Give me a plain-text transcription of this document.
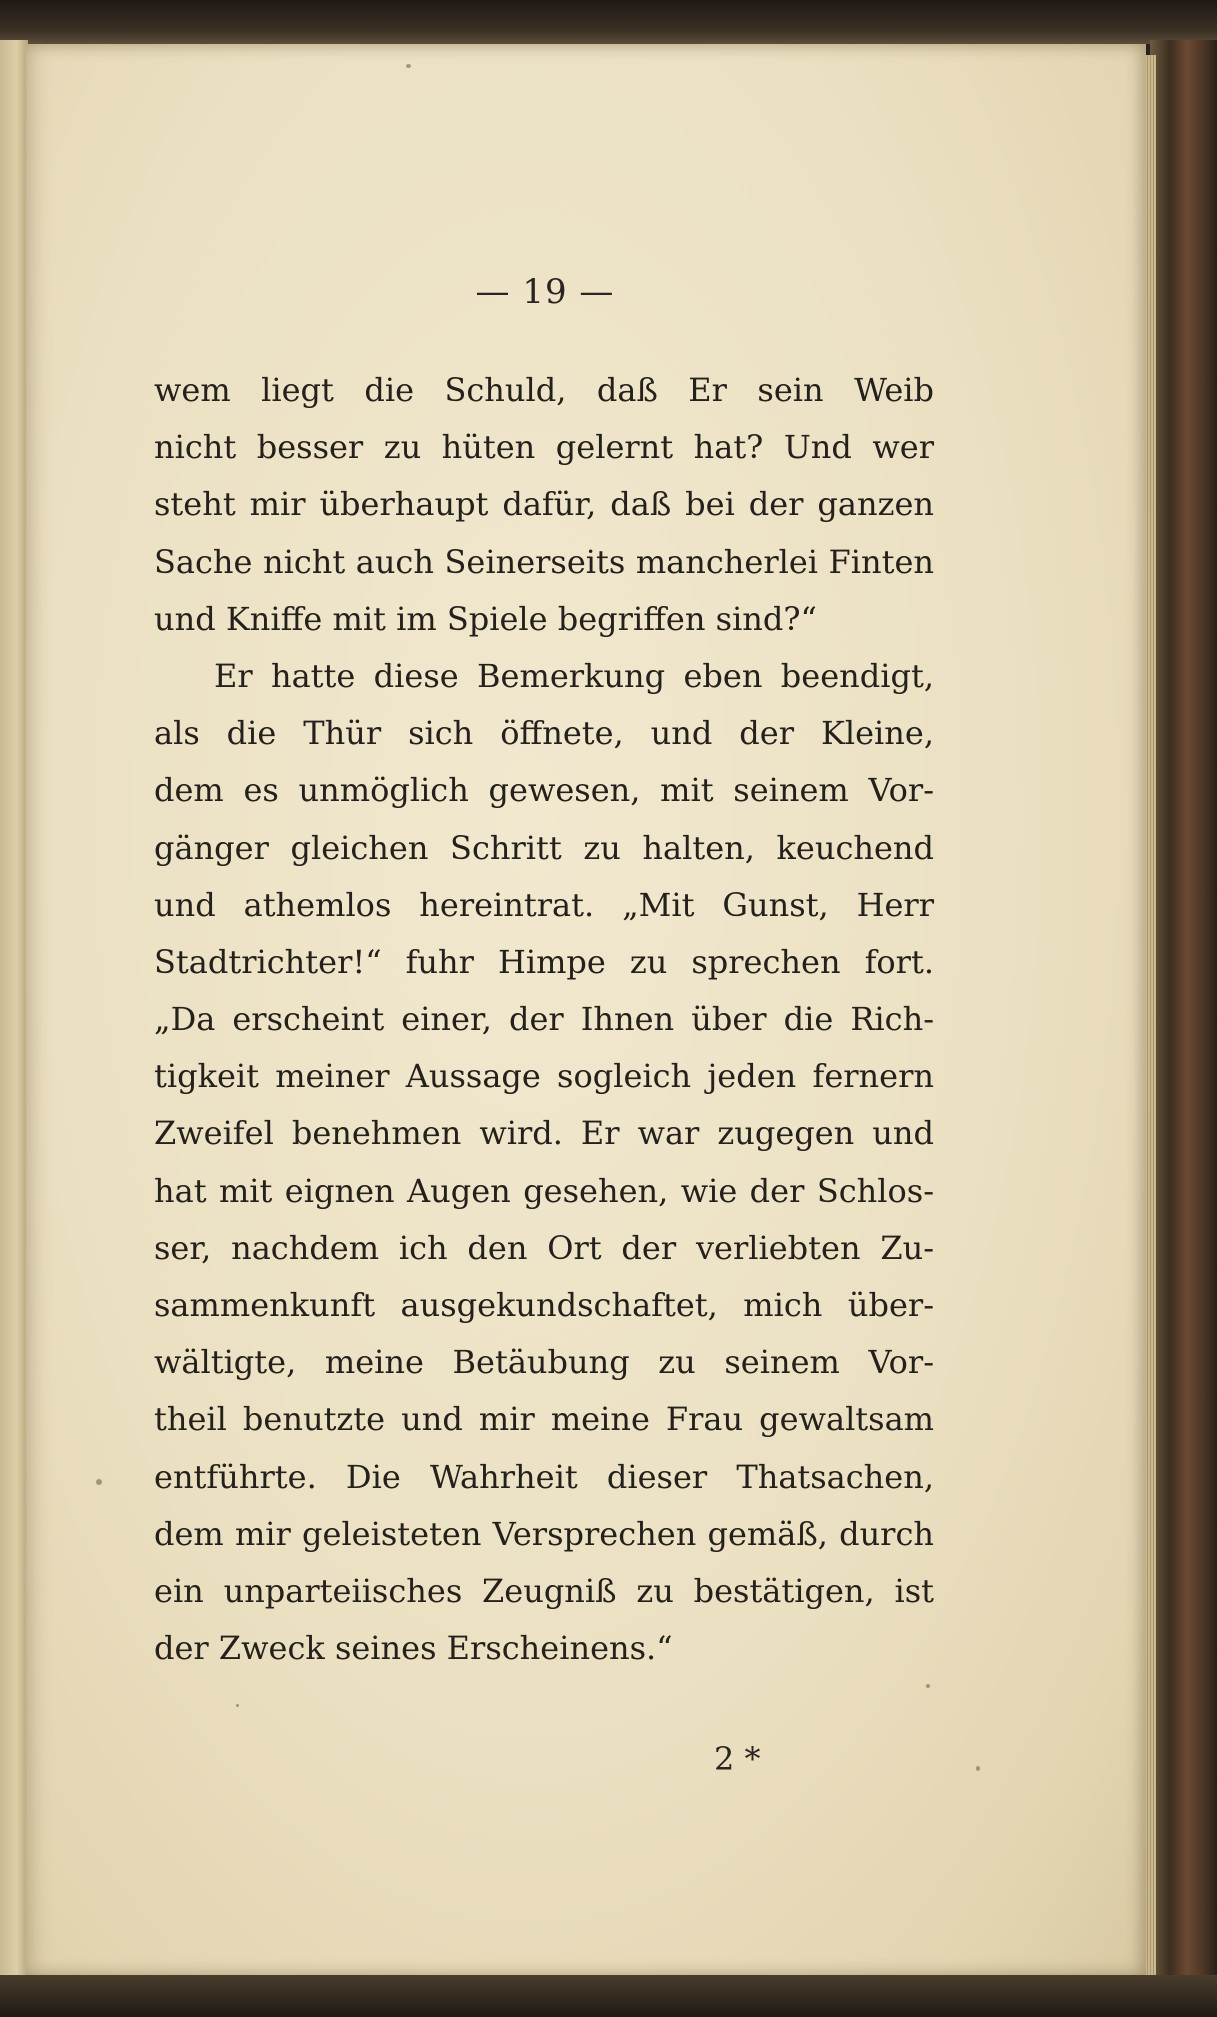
— 19 —
wem liegt die Schuld, daß Er sein Weib
nicht besser zu hüten gelernt hat? Und wer
steht mir überhaupt dafür, daß bei der ganzen
Sache nicht auch Seinerseits mancherlei Finten
und Kniffe mit im Spiele begriffen sind?“
Er hatte diese Bemerkung eben beendigt,
als die Thür sich öffnete, und der Kleine,
dem es unmöglich gewesen, mit seinem Vor-
gänger gleichen Schritt zu halten, keuchend
und athemlos hereintrat. „Mit Gunst, Herr
Stadtrichter!“ fuhr Himpe zu sprechen fort.
„Da erscheint einer, der Ihnen über die Rich-
tigkeit meiner Aussage sogleich jeden fernern
Zweifel benehmen wird. Er war zugegen und
hat mit eignen Augen gesehen, wie der Schlos-
ser, nachdem ich den Ort der verliebten Zu-
sammenkunft ausgekundschaftet, mich über-
wältigte, meine Betäubung zu seinem Vor-
theil benutzte und mir meine Frau gewaltsam
entführte. Die Wahrheit dieser Thatsachen,
dem mir geleisteten Versprechen gemäß, durch
ein unparteiisches Zeugniß zu bestätigen, ist
der Zweck seines Erscheinens.“
2 *
